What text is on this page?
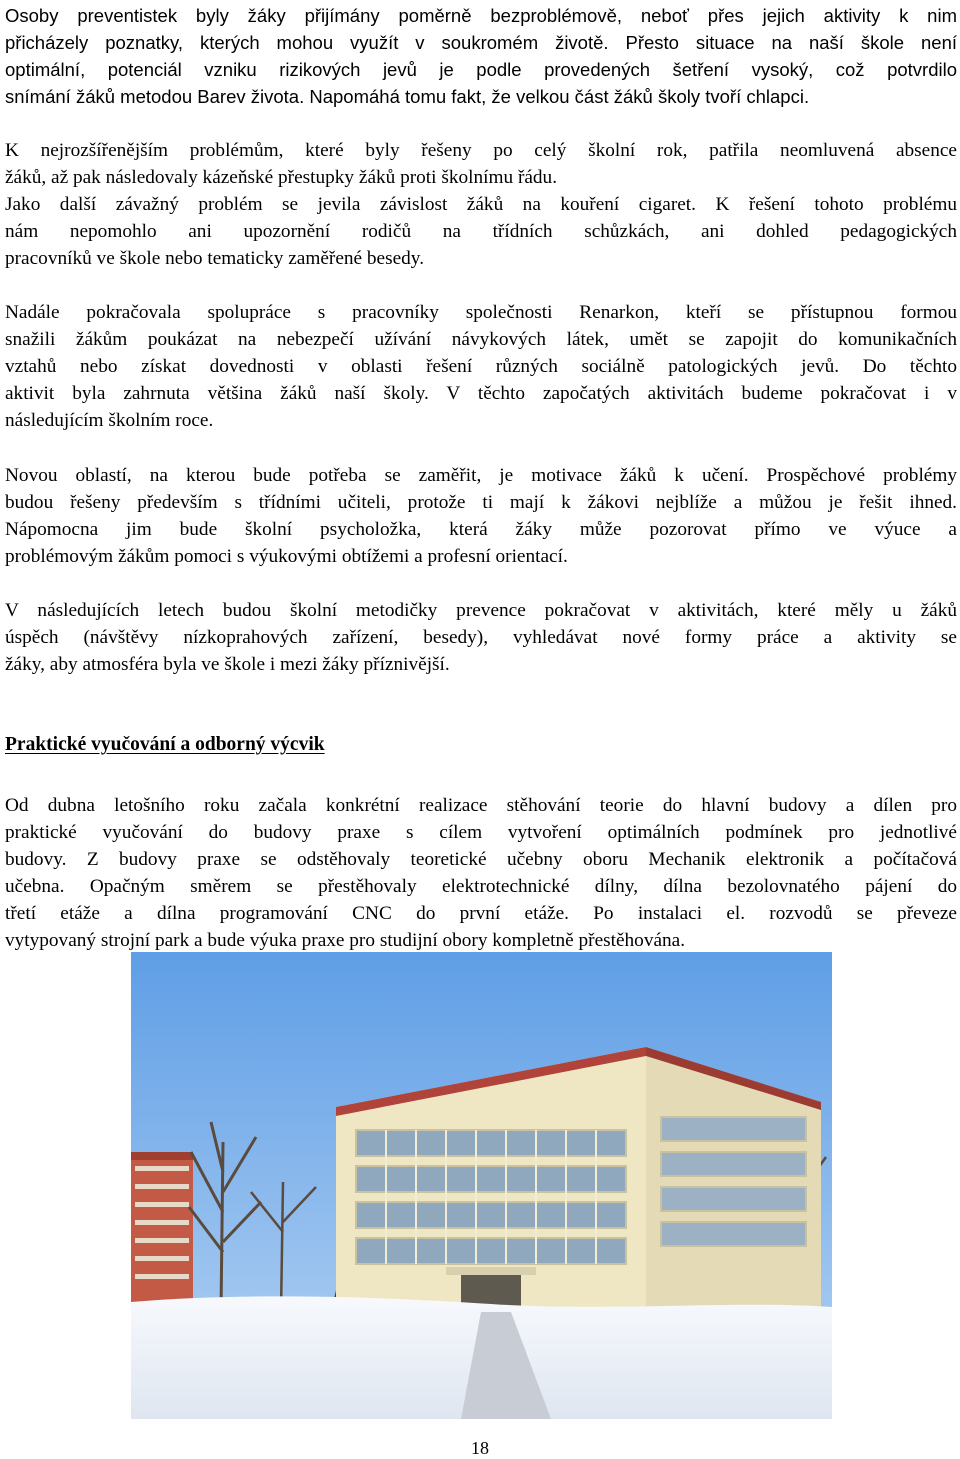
Osoby preventistek byly žáky přijímány poměrně bezproblémově, neboť přes jejich aktivity k nim
přicházely poznatky, kterých mohou využít v soukromém životě. Přesto situace na naší škole není
optimální, potenciál vzniku rizikových jevů je podle provedených šetření vysoký, což potvrdilo
snímání žáků metodou Barev života. Napomáhá tomu fakt, že velkou část žáků školy tvoří chlapci.
K nejrozšířenějším problémům, které byly řešeny po celý školní rok, patřila neomluvená absence
žáků, až pak následovaly kázeňské přestupky žáků proti školnímu řádu.
Jako další závažný problém se jevila závislost žáků na kouření cigaret. K řešení tohoto problému
nám nepomohlo ani upozornění rodičů na třídních schůzkách, ani dohled pedagogických
pracovníků ve škole nebo tematicky zaměřené besedy.
Nadále pokračovala spolupráce s pracovníky společnosti Renarkon, kteří se přístupnou formou
snažili žákům poukázat na nebezpečí užívání návykových látek, umět se zapojit do komunikačních
vztahů nebo získat dovednosti v oblasti řešení různých sociálně patologických jevů. Do těchto
aktivit byla zahrnuta většina žáků naší školy. V těchto započatých aktivitách budeme pokračovat i v
následujícím školním roce.
Novou oblastí, na kterou bude potřeba se zaměřit, je motivace žáků k učení. Prospěchové problémy
budou řešeny především s třídními učiteli, protože ti mají k žákovi nejblíže a můžou je řešit ihned.
Nápomocna jim bude školní psycholožka, která žáky může pozorovat přímo ve výuce a
problémovým žákům pomoci s výukovými obtížemi a profesní orientací.
V následujících letech budou školní metodičky prevence pokračovat v aktivitách, které měly u žáků
úspěch (návštěvy nízkoprahových zařízení, besedy), vyhledávat nové formy práce a aktivity se
žáky, aby atmosféra byla ve škole i mezi žáky příznivější.
Praktické vyučování a odborný výcvik
Od dubna letošního roku začala konkrétní realizace stěhování teorie do hlavní budovy a dílen pro
praktické vyučování do budovy praxe s cílem vytvoření optimálních podmínek pro jednotlivé
budovy. Z budovy praxe se odstěhovaly teoretické učebny oboru Mechanik elektronik a počítačová
učebna. Opačným směrem se přestěhovaly elektrotechnické dílny, dílna bezolovnatého pájení do
třetí etáže a dílna programování CNC do první etáže. Po instalaci el. rozvodů se převeze
vytypovaný strojní park a bude výuka praxe pro studijní obory kompletně přestěhována.
18
